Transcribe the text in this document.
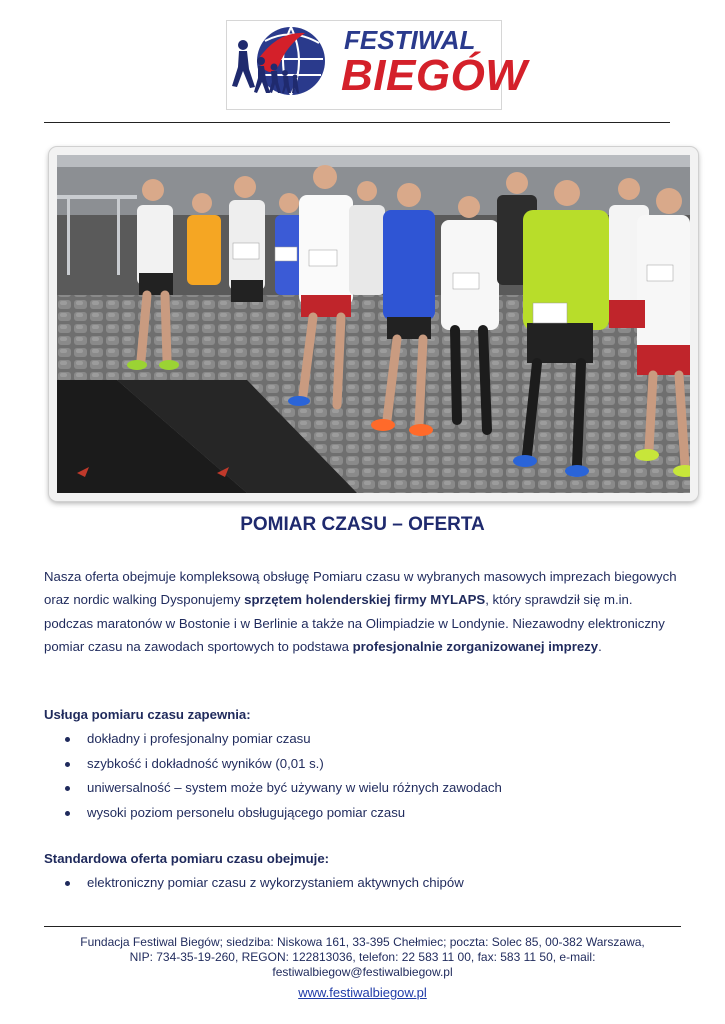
FESTIWAL
BIEGÓW
POMIAR CZASU – OFERTA
Nasza oferta obejmuje kompleksową obsługę Pomiaru czasu w wybranych masowych imprezach biegowych oraz nordic walking Dysponujemy sprzętem holenderskiej firmy MYLAPS, który sprawdził się m.in. podczas maratonów w Bostonie i w Berlinie a także na Olimpiadzie w Londynie. Niezawodny elektroniczny pomiar czasu na zawodach sportowych to podstawa profesjonalnie zorganizowanej imprezy.
Usługa pomiaru czasu zapewnia:
dokładny i profesjonalny pomiar czasu
szybkość i dokładność wyników (0,01 s.)
uniwersalność – system może być używany w wielu różnych zawodach
wysoki poziom personelu obsługującego pomiar czasu
Standardowa oferta pomiaru czasu obejmuje:
elektroniczny pomiar czasu z wykorzystaniem aktywnych chipów
Fundacja Festiwal Biegów; siedziba: Niskowa 161, 33-395 Chełmiec; poczta: Solec 85, 00-382 Warszawa,
NIP: 734-35-19-260, REGON: 122813036, telefon: 22 583 11 00, fax: 583 11 50, e-mail:
festiwalbiegow@festiwalbiegow.pl
www.festiwalbiegow.pl
